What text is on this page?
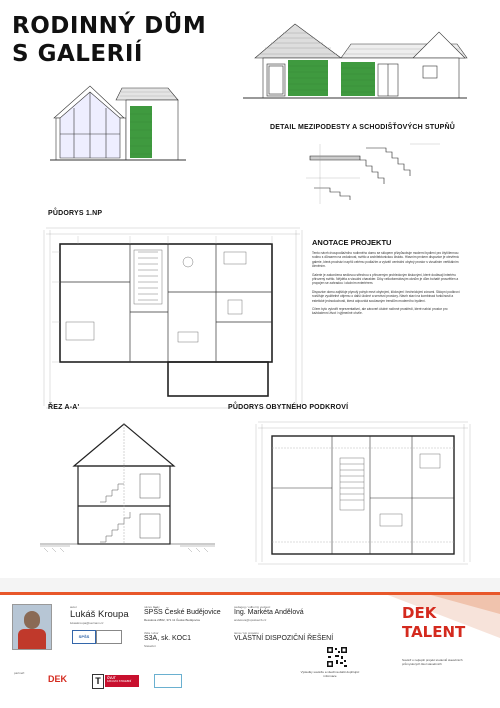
RODINNÝ DŮM
S GALERIÍ
DETAIL MEZIPODESTY A SCHODIŠŤOVÝCH STUPŇŮ

PŮDORYS 1.NP
ANOTACE PROJEKTU

Tento návrh dvoupodlažního rodinného domu se sklopem přizpůsobuje moderní bydlení pro čtyřčlennou rodinu s důrazem na vzdušnost, světlo a architektonickou čistotu. Hlavním prvkem dispozice je otevřená galerie, která prochází napříč celému podlažím a vytváří centrální obytný prostor s vizuálním vertikálním členěním.

Galerie je zakončena sedlovou střechou s přirozeným prohledovým kiskovými, které dodávají interiéru přirozený světlo. Nějdéla a vizuální charakter. Díky velkoformátovým oknům je dům bohatě prosvětlen a propojen se zahradou i okolním exteriérem.

Dispozice domu zajišťuje plynulý pohyb mezi obytnými, klidovými i technickými zónami. Sklopní podkroví rozšiřuje využitelné objemu o další úložné a servisní prostory. Návrh staví na kombinaci funkčnosti a estetické jednoduchosti, která odpovídá současným trendům moderního bydlení.

Cílem bylo vytvořit reprezentativní, ale zároveň útulné rodinné prostředí, které nabízí prostor pro každodenní život i výjimečné chvíle.

ŘEZ A-A'	PŮDORYS OBYTNÉHO PODKROVÍ
autor
Lukáš Kroupa
lukaskroupa@seznam.cz
SPŠS
název školy
SPŠS České Budějovice
Resslova 2/862, 371 11 České Budějovice
třída / obor
S3A, sk. KOC1
Stavební
pedagog / odborný vedoucí
Ing. Markéta Andělová
andelova@spsstavcb.cz
téma / typ projektu
VLASTNÍ DISPOZIČNÍ ŘEŠENÍ
partneři:
DEK	T	ČVUT
FAKULTA STAVEBNÍ
Výsledky soutěže a všechna další doplňující informace
DEK
TALENT
Soutěž o nejlepší projekt studentů stavebních průmyslových škol stavebních
